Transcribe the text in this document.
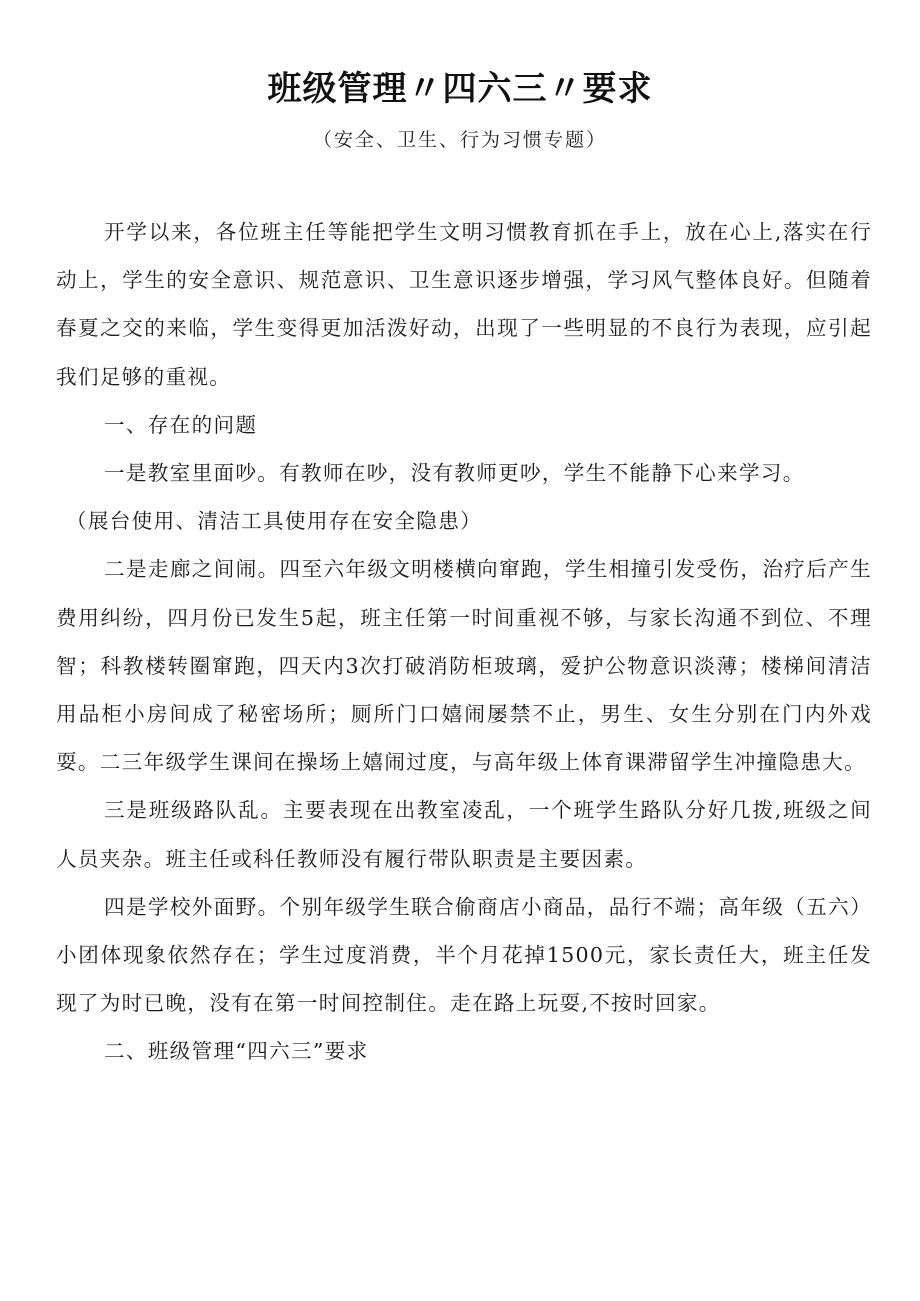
班级管理〃四六三〃要求
（安全、卫生、行为习惯专题）

开学以来，各位班主任等能把学生文明习惯教育抓在手上，放在心上,落实在行动上，学生的安全意识、规范意识、卫生意识逐步增强，学习风气整体良好。但随着春夏之交的来临，学生变得更加活泼好动，出现了一些明显的不良行为表现，应引起我们足够的重视。

一、存在的问题

一是教室里面吵。有教师在吵，没有教师更吵，学生不能静下心来学习。

（展台使用、清洁工具使用存在安全隐患）

二是走廊之间闹。四至六年级文明楼横向窜跑，学生相撞引发受伤，治疗后产生费用纠纷，四月份已发生5起，班主任第一时间重视不够，与家长沟通不到位、不理智；科教楼转圈窜跑，四天内3次打破消防柜玻璃，爱护公物意识淡薄；楼梯间清洁用品柜小房间成了秘密场所；厕所门口嬉闹屡禁不止，男生、女生分别在门内外戏耍。二三年级学生课间在操场上嬉闹过度，与高年级上体育课滞留学生冲撞隐患大。

三是班级路队乱。主要表现在出教室凌乱，一个班学生路队分好几拨,班级之间人员夹杂。班主任或科任教师没有履行带队职责是主要因素。

四是学校外面野。个别年级学生联合偷商店小商品，品行不端；高年级（五六）小团体现象依然存在；学生过度消费，半个月花掉1500元，家长责任大，班主任发现了为时已晚，没有在第一时间控制住。走在路上玩耍,不按时回家。

二、班级管理“四六三”要求
